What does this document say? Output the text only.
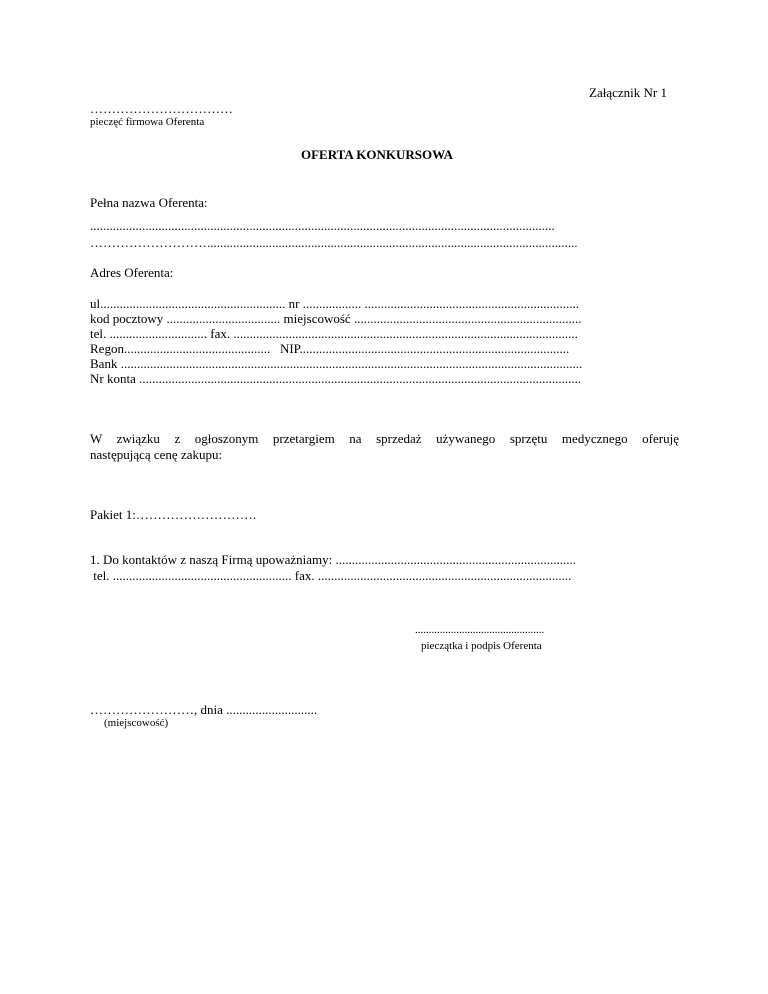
Załącznik Nr 1
……………………………
pieczęć firmowa Oferenta
OFERTA KONKURSOWA
Pełna nazwa Oferenta:
...............................................................................................................................................
………………………..................................................................................................................
Adres Oferenta:
ul......................................................... nr .................. ..................................................................
kod pocztowy ................................... miejscowość ......................................................................
tel. .............................. fax. ..........................................................................................................
Regon.............................................   NIP...................................................................................
Bank ..............................................................................................................................................
Nr konta ........................................................................................................................................
W związku z ogłoszonym przetargiem na sprzedaż używanego sprzętu medycznego oferuję
następującą cenę zakupu:
Pakiet 1:……………………….
1. Do kontaktów z naszą Firmą upoważniamy: ..........................................................................
tel. ....................................................... fax. ..............................................................................
...............................................
pieczątka i podpis Oferenta
……………………, dnia ............................
(miejscowość)
